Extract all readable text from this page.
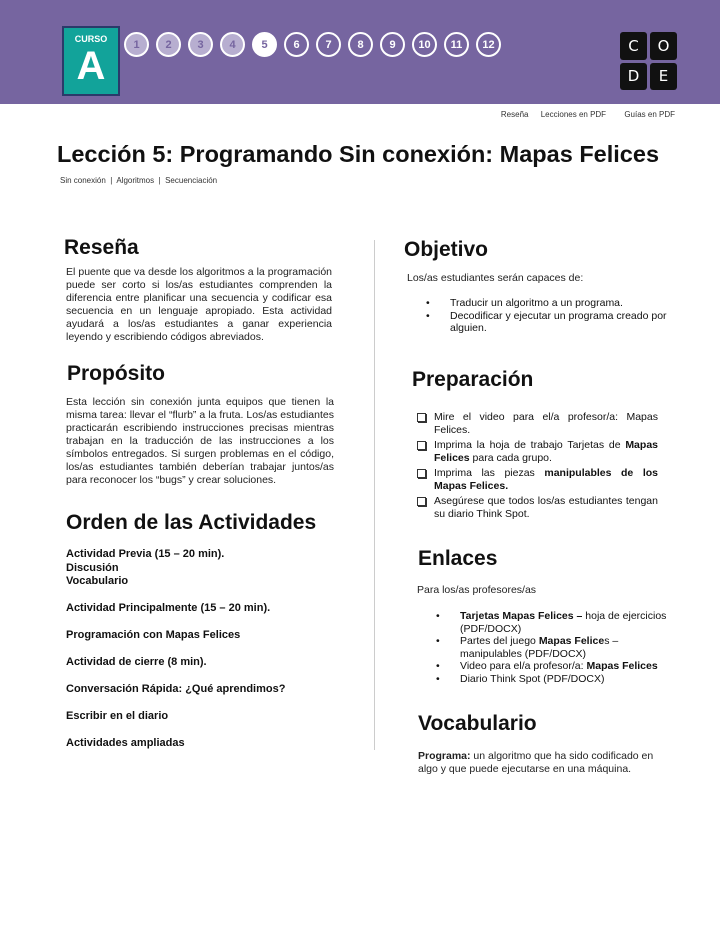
CURSO
A	1	2	3	4	5	6	7	8	9	10	11	12	C	O
D	E
Reseña Lecciones en PDF Guías en PDF
Lección 5: Programando Sin conexión: Mapas Felices
Sin conexión  |  Algoritmos  |  Secuenciación
Reseña
El puente que va desde los algoritmos a la programación puede ser corto si los/as estudiantes comprenden la diferencia entre planificar una secuencia y codificar esa secuencia en un lenguaje apropiado. Esta actividad ayudará a los/as estudiantes a ganar experiencia leyendo y escribiendo códigos abreviados.
Propósito
Esta lección sin conexión junta equipos que tienen la misma tarea: llevar el “flurb” a la fruta. Los/as estudiantes practicarán escribiendo instrucciones precisas mientras trabajan en la traducción de las instrucciones a los símbolos entregados. Si surgen problemas en el código, los/as estudiantes también deberían trabajar juntos/as para reconocer los “bugs” y crear soluciones.
Orden de las Actividades
Actividad Previa (15 – 20 min).
Discusión
Vocabulario
Actividad Principalmente (15 – 20 min).
Programación con Mapas Felices
Actividad de cierre (8 min).
Conversación Rápida: ¿Qué aprendimos?
Escribir en el diario
Actividades ampliadas
Objetivo
Los/as estudiantes serán capaces de:
• Traducir un algoritmo a un programa.
• Decodificar y ejecutar un programa creado por alguien.
Preparación
Mire el video para el/a profesor/a: Mapas Felices.
Imprima la hoja de trabajo Tarjetas de Mapas Felices para cada grupo.
Imprima las piezas manipulables de los Mapas Felices.
Asegúrese que todos los/as estudiantes tengan su diario Think Spot.
Enlaces
Para los/as profesores/as
• Tarjetas Mapas Felices – hoja de ejercicios (PDF/DOCX)
• Partes del juego Mapas Felices – manipulables (PDF/DOCX)
• Video para el/a profesor/a: Mapas Felices
• Diario Think Spot (PDF/DOCX)
Vocabulario
Programa: un algoritmo que ha sido codificado en algo y que puede ejecutarse en una máquina.
